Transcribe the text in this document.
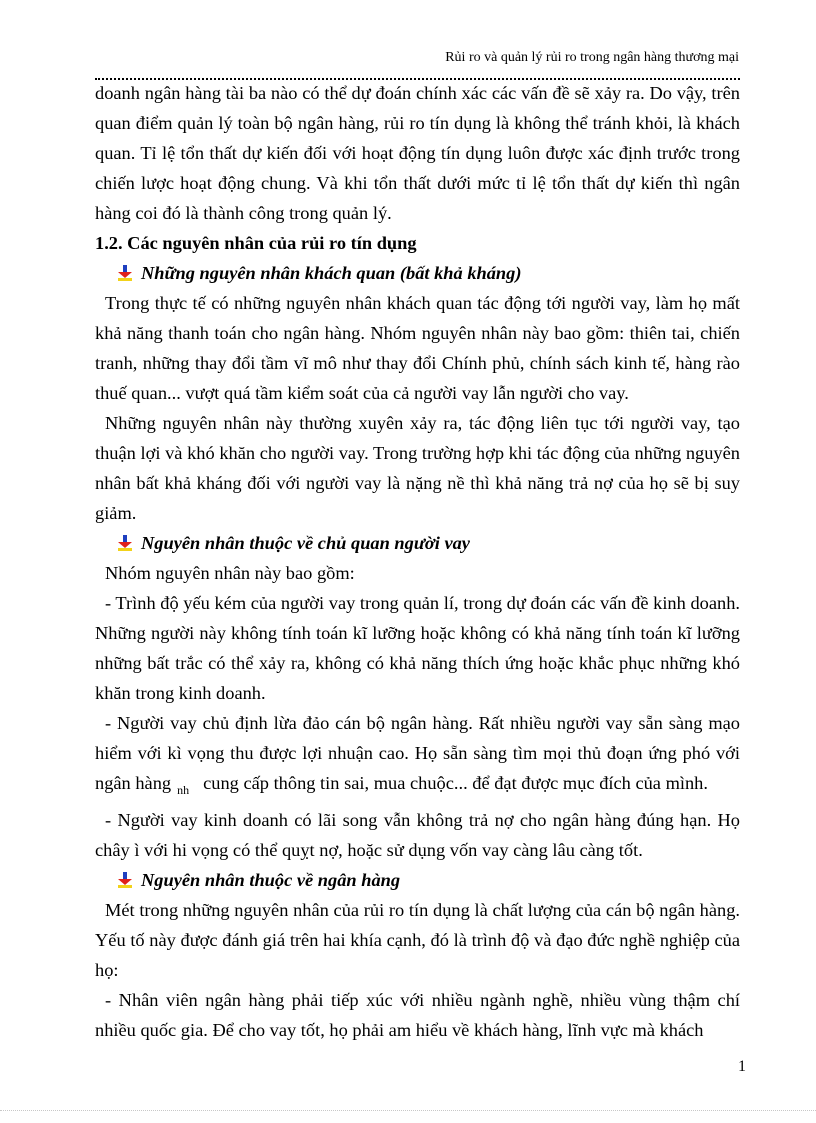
Rủi ro và quản lý rủi ro trong ngân hàng thương mại

doanh ngân hàng tài ba nào có thể dự đoán chính xác các vấn đề sẽ xảy ra. Do vậy, trên quan điểm quản lý toàn bộ ngân hàng, rủi ro tín dụng là không thể tránh khỏi, là khách quan. Tỉ lệ tổn thất dự kiến đối với hoạt động tín dụng luôn được xác định trước trong chiến lược hoạt động chung. Và khi tổn thất dưới mức tỉ lệ tổn thất dự kiến thì ngân hàng coi đó là thành công trong quản lý.

1.2. Các nguyên nhân của rủi ro tín dụng

Những nguyên nhân khách quan (bất khả kháng)

Trong thực tế có những nguyên nhân khách quan tác động tới người vay, làm họ mất khả năng thanh toán cho ngân hàng. Nhóm nguyên nhân này bao gồm: thiên tai, chiến tranh, những thay đổi tầm vĩ mô như thay đổi Chính phủ, chính sách kinh tế, hàng rào thuế quan... vượt quá tầm kiểm soát của cả người vay lẫn người cho vay.

Những nguyên nhân này thường xuyên xảy ra, tác động liên tục tới người vay, tạo thuận lợi và khó khăn cho người vay. Trong trường hợp khi tác động của những nguyên nhân bất khả kháng đối với người vay là nặng nề thì khả năng trả nợ của họ sẽ bị suy giảm.

Nguyên nhân thuộc về chủ quan người vay

Nhóm nguyên nhân này bao gồm:

- Trình độ yếu kém của người vay trong quản lí, trong dự đoán các vấn đề kinh doanh. Những người này không tính toán kĩ lưỡng hoặc không có khả năng tính toán kĩ lưỡng những bất trắc có thể xảy ra, không có khả năng thích ứng hoặc khắc phục những khó khăn trong kinh doanh.

- Người vay chủ định lừa đảo cán bộ ngân hàng. Rất nhiều người vay sẵn sàng mạo hiểm với kì vọng thu được lợi nhuận cao. Họ sẵn sàng tìm mọi thủ đoạn ứng phó với ngân hàng $_{nh}$ cung cấp thông tin sai, mua chuộc... để đạt được mục đích của mình.

- Người vay kinh doanh có lãi song vẫn không trả nợ cho ngân hàng đúng hạn. Họ chây ì với hi vọng có thể quỵt nợ, hoặc sử dụng vốn vay càng lâu càng tốt.

Nguyên nhân thuộc về ngân hàng

Mét trong những nguyên nhân của rủi ro tín dụng là chất lượng của cán bộ ngân hàng. Yếu tố này được đánh giá trên hai khía cạnh, đó là trình độ và đạo đức nghề nghiệp của họ:

- Nhân viên ngân hàng phải tiếp xúc với nhiều ngành nghề, nhiều vùng thậm chí nhiều quốc gia. Để cho vay tốt, họ phải am hiểu về khách hàng, lĩnh vực mà khách

1
